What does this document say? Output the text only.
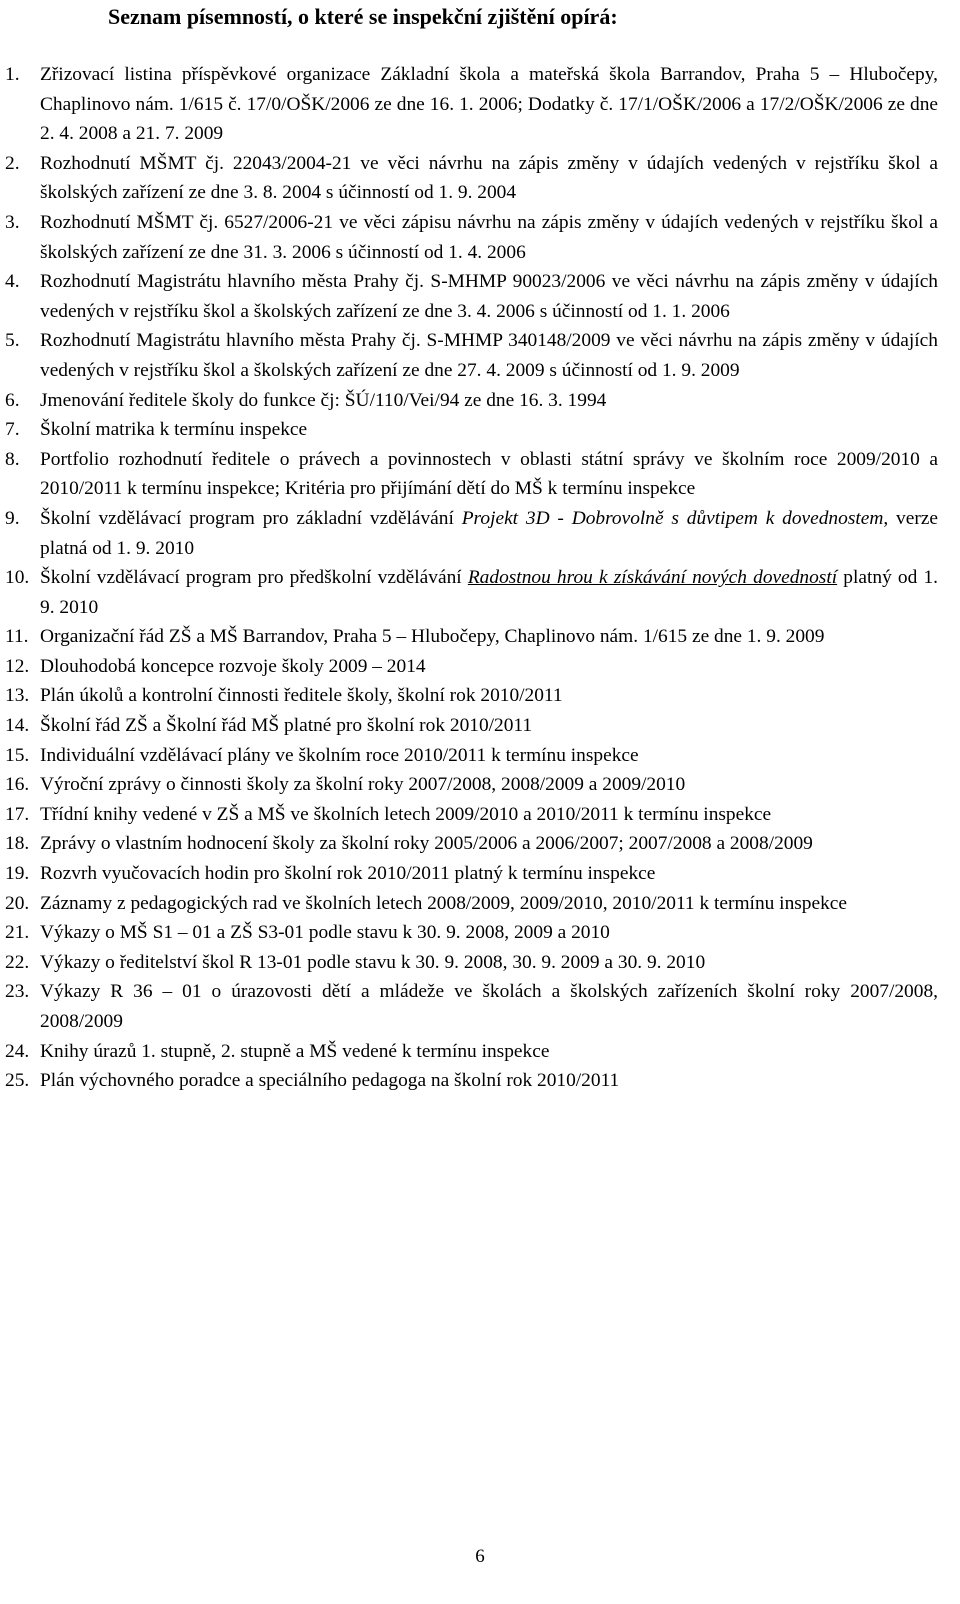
Seznam písemností, o které se inspekční zjištění opírá:
1. Zřizovací listina příspěvkové organizace Základní škola a mateřská škola Barrandov, Praha 5 – Hlubočepy, Chaplinovo nám. 1/615 č. 17/0/OŠK/2006 ze dne 16. 1. 2006; Dodatky č. 17/1/OŠK/2006 a 17/2/OŠK/2006 ze dne 2. 4. 2008 a 21. 7. 2009
2. Rozhodnutí MŠMT čj. 22043/2004-21 ve věci návrhu na zápis změny v údajích vedených v rejstříku škol a školských zařízení ze dne 3. 8. 2004 s účinností od 1. 9. 2004
3. Rozhodnutí MŠMT čj. 6527/2006-21 ve věci zápisu návrhu na zápis změny v údajích vedených v rejstříku škol a školských zařízení ze dne 31. 3. 2006 s účinností od 1. 4. 2006
4. Rozhodnutí Magistrátu hlavního města Prahy čj. S-MHMP 90023/2006 ve věci návrhu na zápis změny v údajích vedených v rejstříku škol a školských zařízení ze dne 3. 4. 2006 s účinností od 1. 1. 2006
5. Rozhodnutí Magistrátu hlavního města Prahy čj. S-MHMP 340148/2009 ve věci návrhu na zápis změny v údajích vedených v rejstříku škol a školských zařízení ze dne 27. 4. 2009 s účinností od 1. 9. 2009
6. Jmenování ředitele školy do funkce čj: ŠÚ/110/Vei/94 ze dne 16. 3. 1994
7. Školní matrika k termínu inspekce
8. Portfolio rozhodnutí ředitele o právech a povinnostech v oblasti státní správy ve školním roce 2009/2010 a 2010/2011 k termínu inspekce; Kritéria pro přijímání dětí do MŠ k termínu inspekce
9. Školní vzdělávací program pro základní vzdělávání Projekt 3D - Dobrovolně s důvtipem k dovednostem, verze platná od 1. 9. 2010
10. Školní vzdělávací program pro předškolní vzdělávání Radostnou hrou k získávání nových dovedností platný od 1. 9. 2010
11. Organizační řád ZŠ a MŠ Barrandov, Praha 5 – Hlubočepy, Chaplinovo nám. 1/615 ze dne 1. 9. 2009
12. Dlouhodobá koncepce rozvoje školy 2009 – 2014
13. Plán úkolů a kontrolní činnosti ředitele školy, školní rok 2010/2011
14. Školní řád ZŠ a Školní řád MŠ platné pro školní rok 2010/2011
15. Individuální vzdělávací plány ve školním roce 2010/2011 k termínu inspekce
16. Výroční zprávy o činnosti školy za školní roky 2007/2008, 2008/2009 a 2009/2010
17. Třídní knihy vedené v ZŠ a MŠ ve školních letech 2009/2010 a 2010/2011 k termínu inspekce
18. Zprávy o vlastním hodnocení školy za školní roky 2005/2006 a 2006/2007; 2007/2008 a 2008/2009
19. Rozvrh vyučovacích hodin pro školní rok 2010/2011 platný k termínu inspekce
20. Záznamy z pedagogických rad ve školních letech 2008/2009, 2009/2010, 2010/2011 k termínu inspekce
21. Výkazy o MŠ S1 – 01 a ZŠ S3-01 podle stavu k 30. 9. 2008, 2009 a 2010
22. Výkazy o ředitelství škol R 13-01 podle stavu k 30. 9. 2008, 30. 9. 2009 a 30. 9. 2010
23. Výkazy R 36 – 01 o úrazovosti dětí a mládeže ve školách a školských zařízeních školní roky 2007/2008, 2008/2009
24. Knihy úrazů 1. stupně, 2. stupně a MŠ vedené k termínu inspekce
25. Plán výchovného poradce a speciálního pedagoga na školní rok 2010/2011
6
